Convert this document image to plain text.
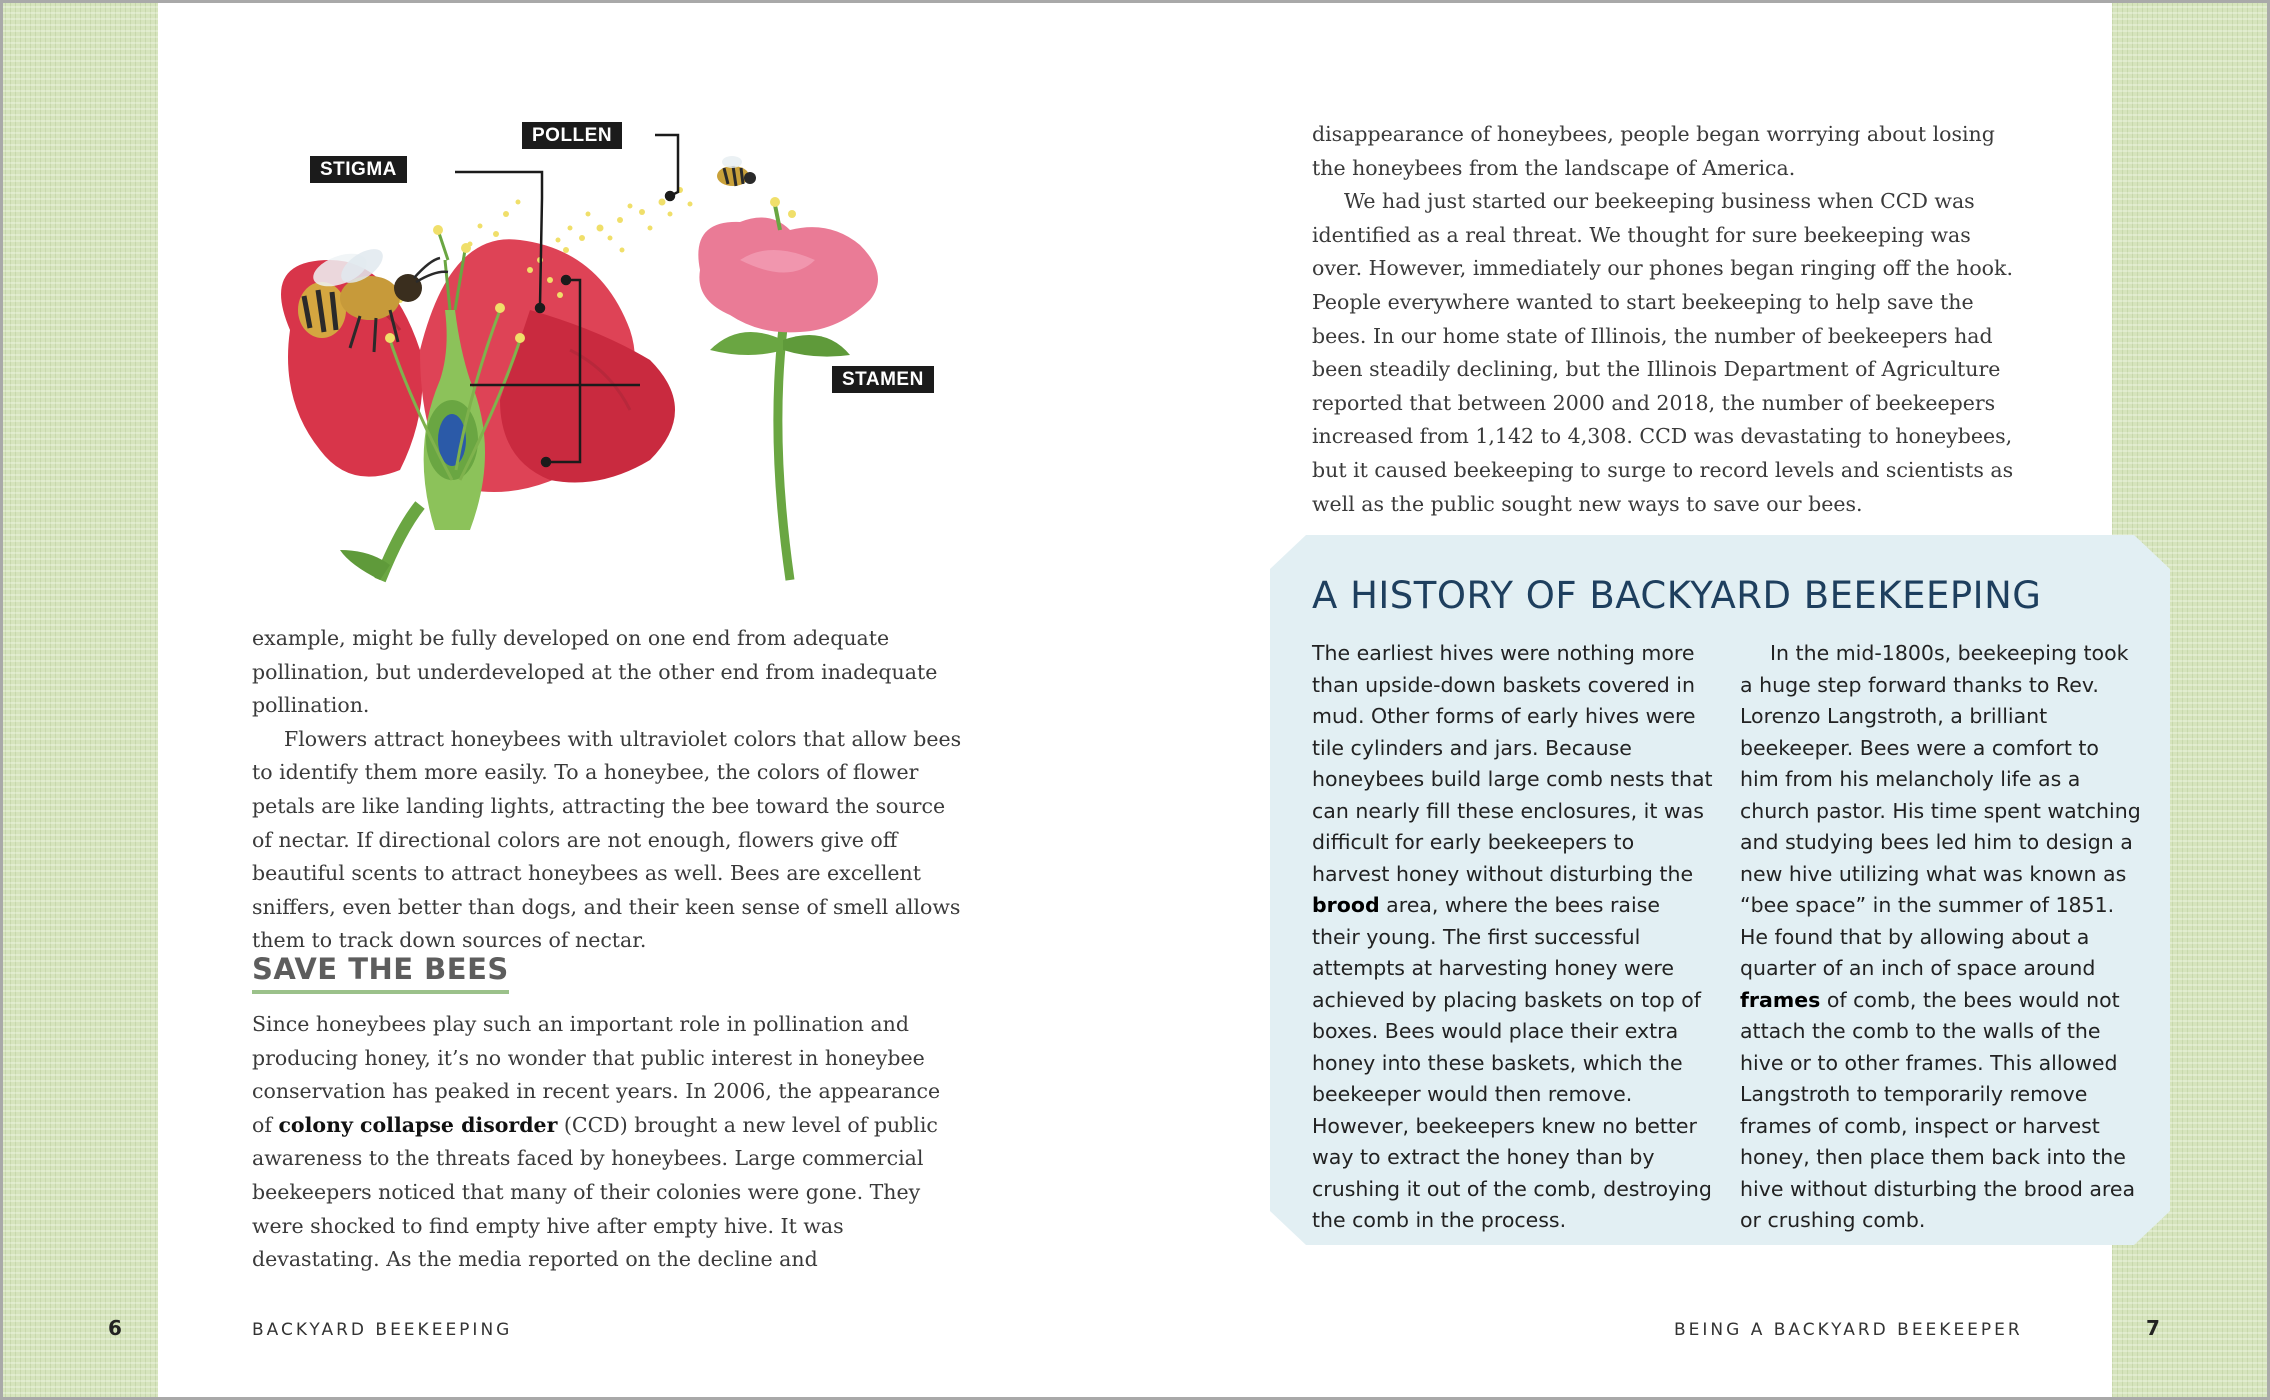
POLLEN
STIGMA
STAMEN

example, might be fully developed on one end from adequate pollination, but underdeveloped at the other end from inadequate pollination.

Flowers attract honeybees with ultraviolet colors that allow bees to identify them more easily. To a honeybee, the colors of flower petals are like landing lights, attracting the bee toward the source of nectar. If directional colors are not enough, flowers give off beautiful scents to attract honeybees as well. Bees are excellent sniffers, even better than dogs, and their keen sense of smell allows them to track down sources of nectar.

SAVE THE BEES

Since honeybees play such an important role in pollination and producing honey, it’s no wonder that public interest in honeybee conservation has peaked in recent years. In 2006, the appearance of colony collapse disorder (CCD) brought a new level of public awareness to the threats faced by honeybees. Large commercial beekeepers noticed that many of their colonies were gone. They were shocked to find empty hive after empty hive. It was devastating. As the media reported on the decline and

disappearance of honeybees, people began worrying about losing the honeybees from the landscape of America.

We had just started our beekeeping business when CCD was identified as a real threat. We thought for sure beekeeping was over. However, immediately our phones began ringing off the hook. People everywhere wanted to start beekeeping to help save the bees. In our home state of Illinois, the number of beekeepers had been steadily declining, but the Illinois Department of Agriculture reported that between 2000 and 2018, the number of beekeepers increased from 1,142 to 4,308. CCD was devastating to honeybees, but it caused beekeeping to surge to record levels and scientists as well as the public sought new ways to save our bees.

A HISTORY OF BACKYARD BEEKEEPING

The earliest hives were nothing more than upside-down baskets covered in mud. Other forms of early hives were tile cylinders and jars. Because honeybees build large comb nests that can nearly fill these enclosures, it was difficult for early beekeepers to harvest honey without disturbing the brood area, where the bees raise their young. The first successful attempts at harvesting honey were achieved by placing baskets on top of boxes. Bees would place their extra honey into these baskets, which the beekeeper would then remove. However, beekeepers knew no better way to extract the honey than by crushing it out of the comb, destroying the comb in the process.

In the mid-1800s, beekeeping took a huge step forward thanks to Rev. Lorenzo Langstroth, a brilliant beekeeper. Bees were a comfort to him from his melancholy life as a church pastor. His time spent watching and studying bees led him to design a new hive utilizing what was known as “bee space” in the summer of 1851. He found that by allowing about a quarter of an inch of space around frames of comb, the bees would not attach the comb to the walls of the hive or to other frames. This allowed Langstroth to temporarily remove frames of comb, inspect or harvest honey, then place them back into the hive without disturbing the brood area or crushing comb.

6	BACKYARD BEEKEEPING	BEING A BACKYARD BEEKEEPER	7
